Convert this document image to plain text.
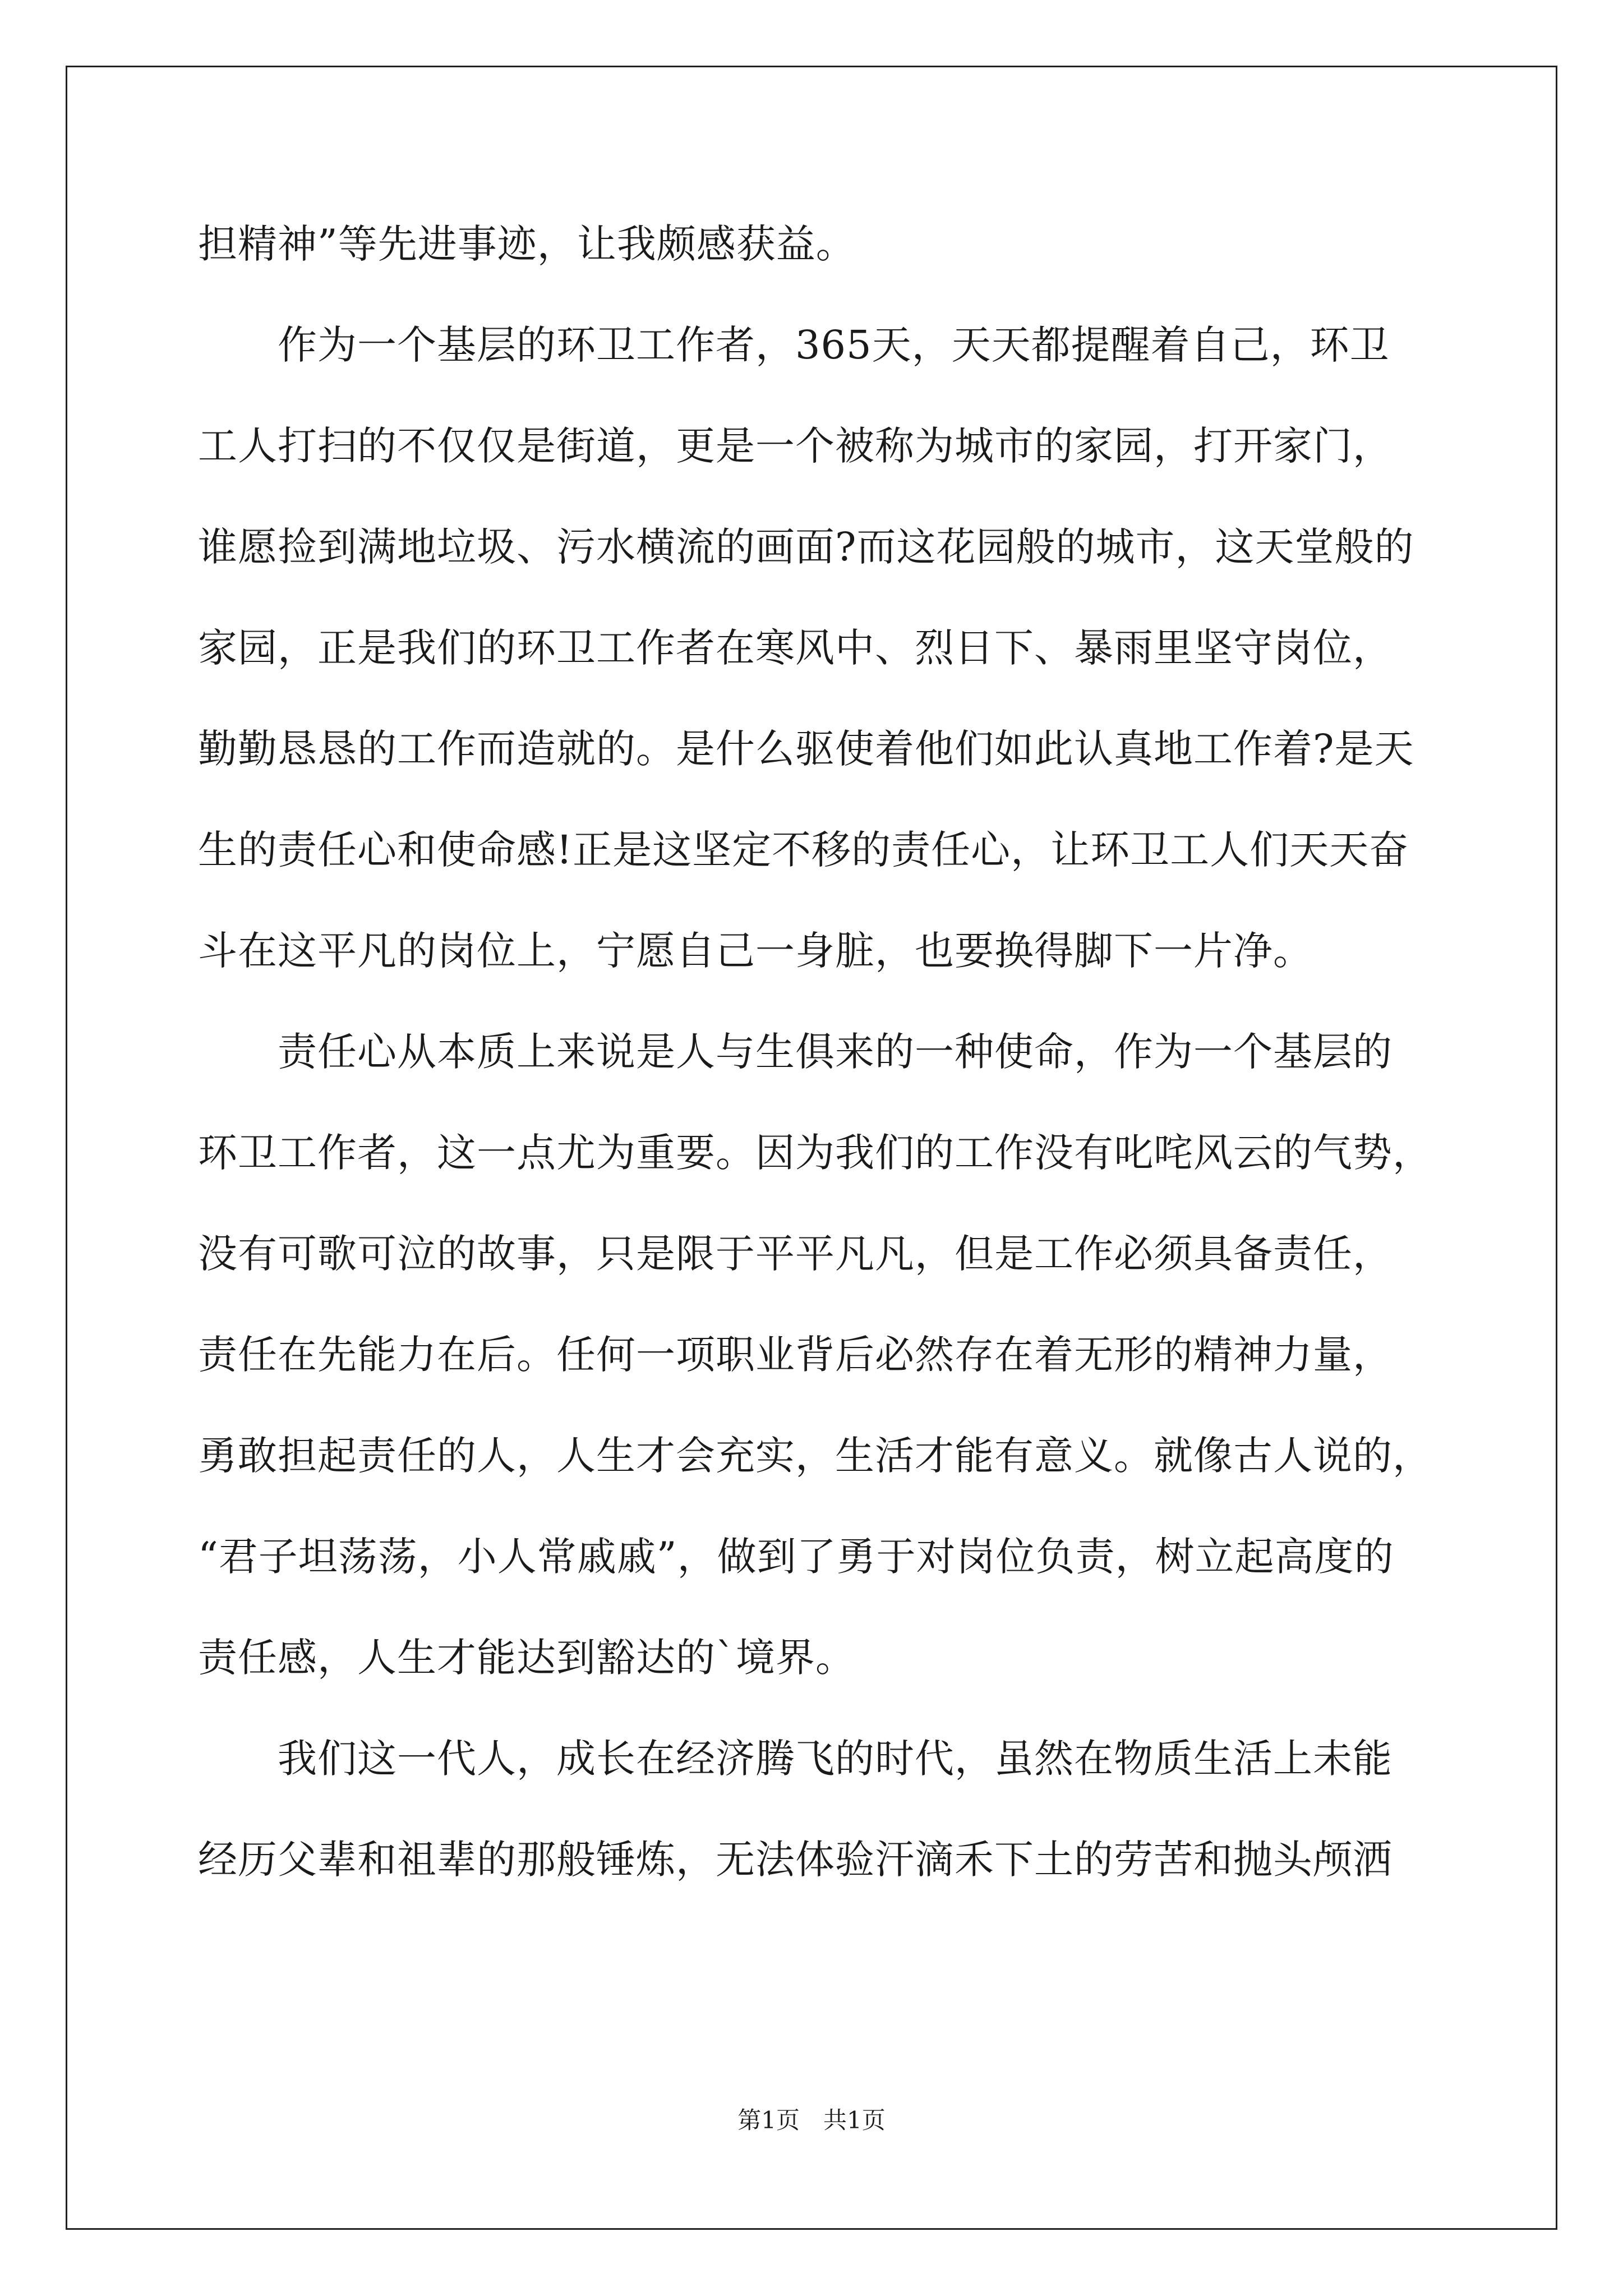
担精神”等先进事迹，让我颇感获益。
　　作为一个基层的环卫工作者，365天，天天都提醒着自己，环卫
工人打扫的不仅仅是街道，更是一个被称为城市的家园，打开家门，
谁愿捡到满地垃圾、污水横流的画面?而这花园般的城市，这天堂般的
家园，正是我们的环卫工作者在寒风中、烈日下、暴雨里坚守岗位，
勤勤恳恳的工作而造就的。是什么驱使着他们如此认真地工作着?是天
生的责任心和使命感!正是这坚定不移的责任心，让环卫工人们天天奋
斗在这平凡的岗位上，宁愿自己一身脏，也要换得脚下一片净。
　　责任心从本质上来说是人与生俱来的一种使命，作为一个基层的
环卫工作者，这一点尤为重要。因为我们的工作没有叱咤风云的气势，
没有可歌可泣的故事，只是限于平平凡凡，但是工作必须具备责任，
责任在先能力在后。任何一项职业背后必然存在着无形的精神力量，
勇敢担起责任的人，人生才会充实，生活才能有意义。就像古人说的，
“君子坦荡荡，小人常戚戚”，做到了勇于对岗位负责，树立起高度的
责任感，人生才能达到豁达的`境界。
　　我们这一代人，成长在经济腾飞的时代，虽然在物质生活上未能
经历父辈和祖辈的那般锤炼，无法体验汗滴禾下土的劳苦和抛头颅洒
第1页　共1页
